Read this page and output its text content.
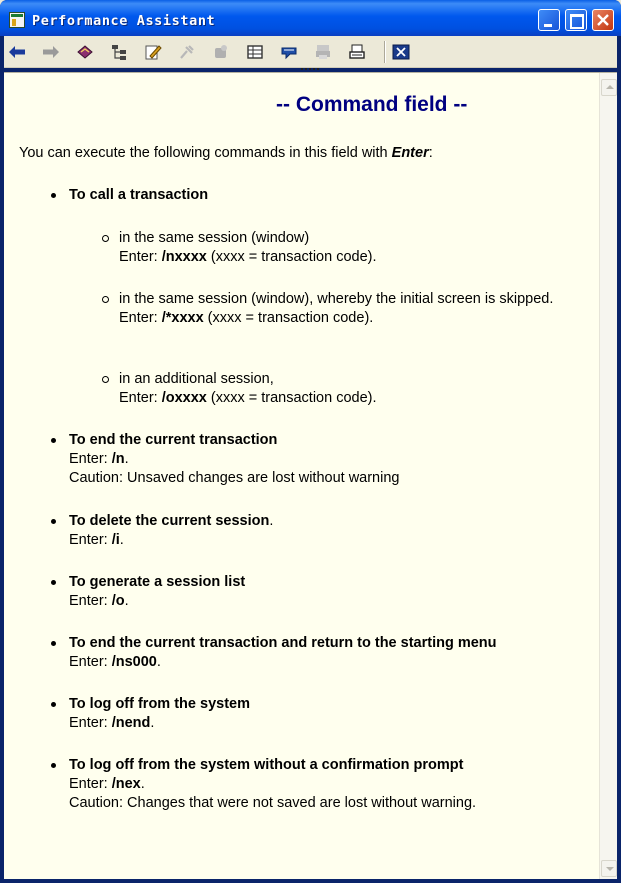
Performance Assistant
-- Command field --
You can execute the following commands in this field with Enter:
To call a transaction
in the same session (window)
Enter: /nxxxx (xxxx = transaction code).
in the same session (window), whereby the initial screen is skipped.
Enter: /*xxxx (xxxx = transaction code).
in an additional session,
Enter: /oxxxx (xxxx = transaction code).
To end the current transaction
Enter: /n.
Caution: Unsaved changes are lost without warning
To delete the current session.
Enter: /i.
To generate a session list
Enter: /o.
To end the current transaction and return to the starting menu
Enter: /ns000.
To log off from the system
Enter: /nend.
To log off from the system without a confirmation prompt
Enter: /nex.
Caution: Changes that were not saved are lost without warning.
